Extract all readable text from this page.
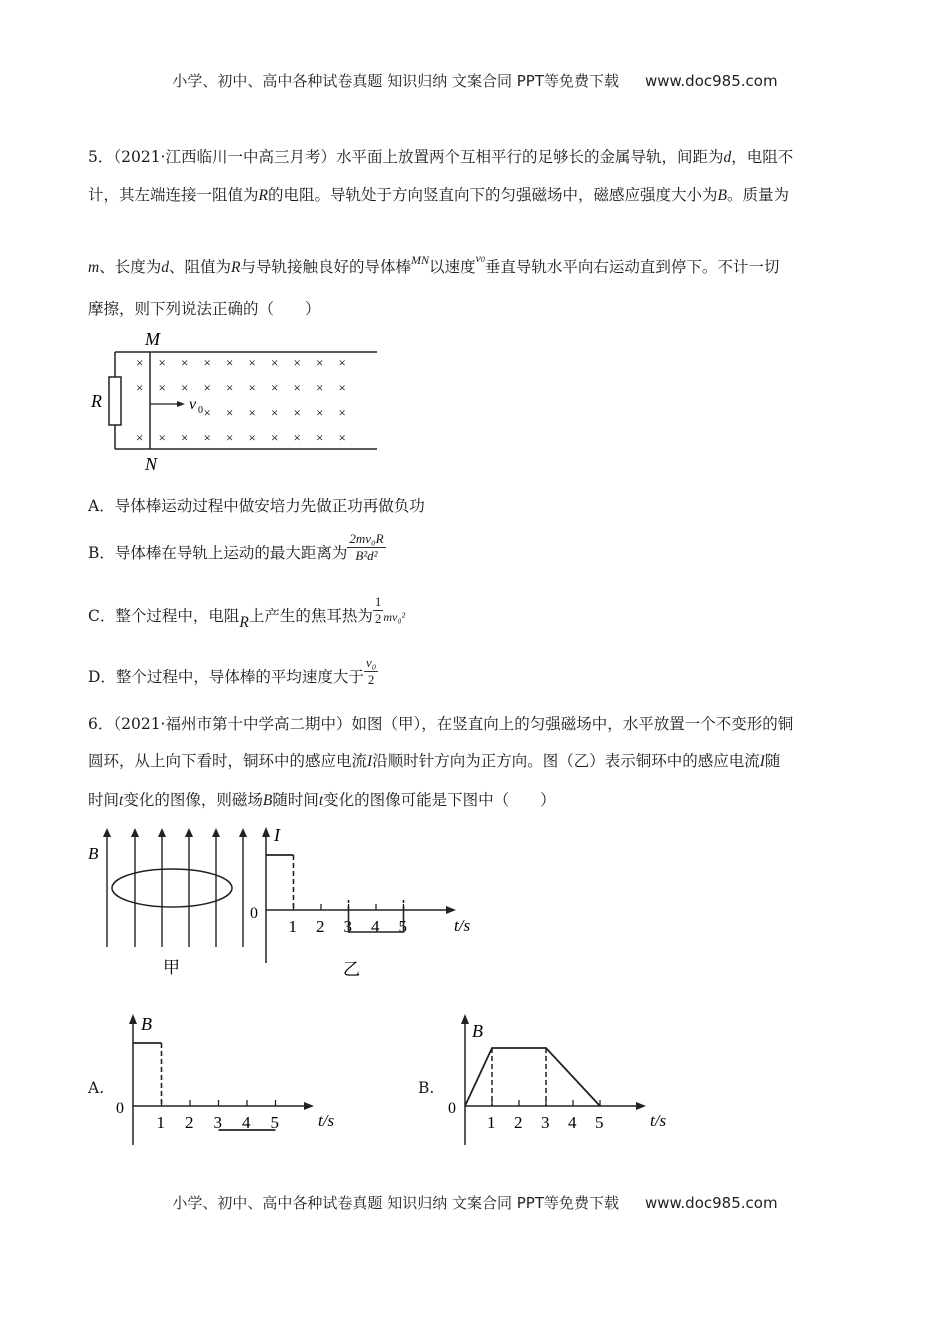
小学、初中、高中各种试卷真题 知识归纳 文案合同 PPT等免费下载 www.doc985.com
5．（2021·江西临川一中高三月考）水平面上放置两个互相平行的足够长的金属导轨，间距为d，电阻不
计，其左端连接一阻值为R的电阻。导轨处于方向竖直向下的匀强磁场中，磁感应强度大小为B。质量为
m、长度为d、阻值为R与导轨接触良好的导体棒$^{MN}$以速度$^{v0}$垂直导轨水平向右运动直到停下。不计一切
摩擦，则下列说法正确的（　　）
R
M
N
v 0
× × × × × × × × × ×
× × × × × × × × × ×
× × × × × × ×
× × × × × × × × × ×
A．导体棒运动过程中做安培力先做正功再做负功
B．导体棒在导轨上运动的最大距离为 $\frac{\text{2mv₀R}}{\text{B²d²}}$
C．整个过程中，电阻R上产生的焦耳热为 $\frac{1}{2} mv_0^2$
D．整个过程中，导体棒的平均速度大于 $\frac{\text{v₀}}{2}$
6．（2021·福州市第十中学高二期中）如图（甲），在竖直向上的匀强磁场中，水平放置一个不变形的铜
圆环，从上向下看时，铜环中的感应电流I沿顺时针方向为正方向。图（乙）表示铜环中的感应电流I随
时间t变化的图像，则磁场B随时间t变化的图像可能是下图中（　　）
B
甲
I
0
1 2 3 4 5	t/s
乙
A.
B
0
1 2 3 4 5 t/s
B.
B
0
1 2 3 4 5	t/s
小学、初中、高中各种试卷真题 知识归纳 文案合同 PPT等免费下载 www.doc985.com
